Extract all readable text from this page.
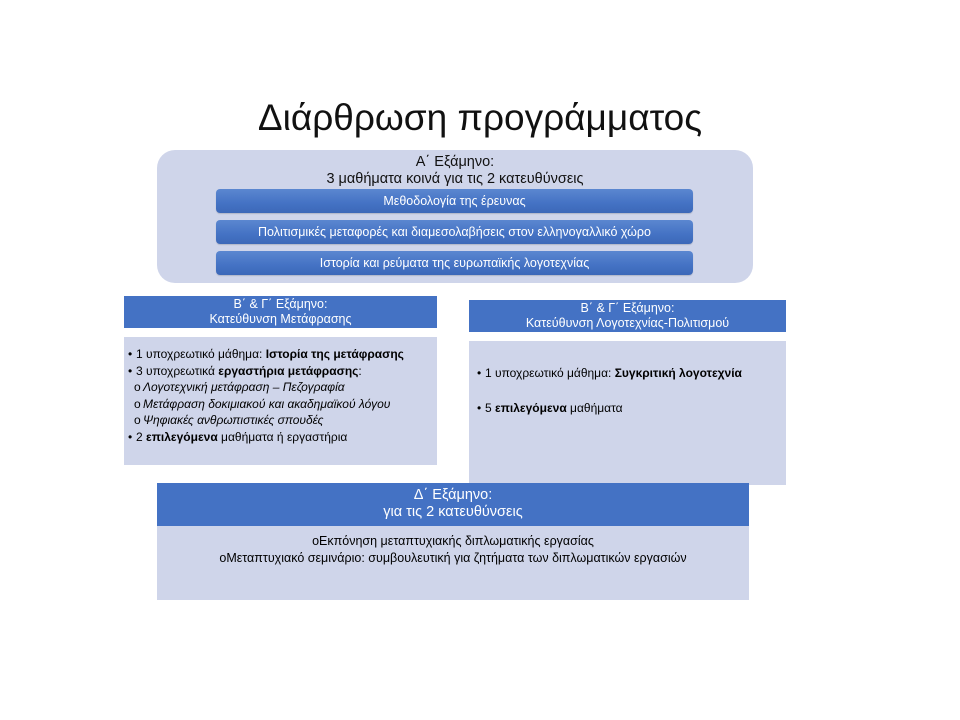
Διάρθρωση προγράμματος
Α΄ Εξάμηνο:
3 μαθήματα κοινά για τις 2 κατευθύνσεις
Μεθοδολογία της έρευνας
Πολιτισμικές μεταφορές και διαμεσολαβήσεις στον ελληνογαλλικό χώρο
Ιστορία και ρεύματα της ευρωπαϊκής λογοτεχνίας
Β΄ & Γ΄ Εξάμηνο:
Κατεύθυνση Μετάφρασης
• 1 υποχρεωτικό μάθημα: Ιστορία της μετάφρασης
• 3 υποχρεωτικά εργαστήρια μετάφρασης:
o Λογοτεχνική μετάφραση – Πεζογραφία
o Μετάφραση δοκιμιακού και ακαδημαϊκού λόγου
o Ψηφιακές ανθρωπιστικές σπουδές
• 2 επιλεγόμενα μαθήματα ή εργαστήρια
Β΄ & Γ΄ Εξάμηνο:
Κατεύθυνση Λογοτεχνίας-Πολιτισμού
• 1 υποχρεωτικό μάθημα: Συγκριτική λογοτεχνία
• 5 επιλεγόμενα μαθήματα
Δ΄ Εξάμηνο:
για τις 2 κατευθύνσεις
oΕκπόνηση μεταπτυχιακής διπλωματικής εργασίας
oΜεταπτυχιακό σεμινάριο: συμβουλευτική για ζητήματα των διπλωματικών εργασιών
